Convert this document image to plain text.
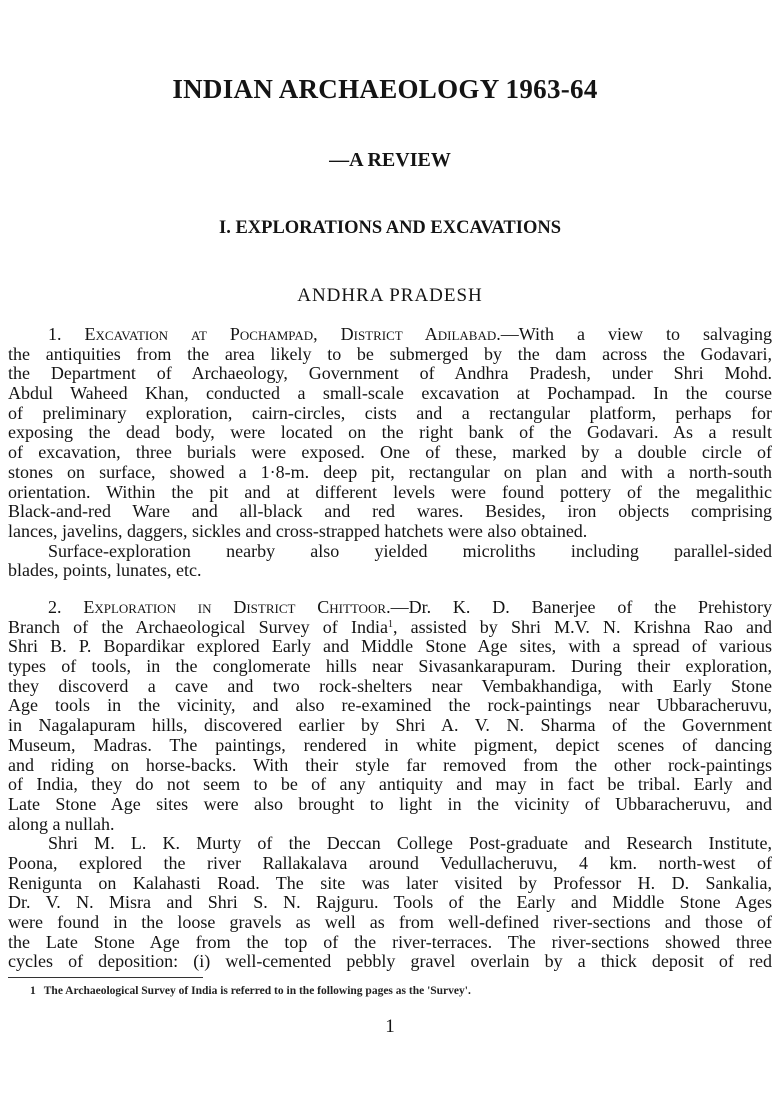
INDIAN ARCHAEOLOGY 1963-64
—A REVIEW
I. EXPLORATIONS AND EXCAVATIONS
ANDHRA PRADESH
1. Excavation at Pochampad, District Adilabad.—With a view to salvaging
the antiquities from the area likely to be submerged by the dam across the Godavari,
the Department of Archaeology, Government of Andhra Pradesh, under Shri Mohd.
Abdul Waheed Khan, conducted a small-scale excavation at Pochampad. In the course
of preliminary exploration, cairn-circles, cists and a rectangular platform, perhaps for
exposing the dead body, were located on the right bank of the Godavari. As a result
of excavation, three burials were exposed. One of these, marked by a double circle of
stones on surface, showed a 1·8-m. deep pit, rectangular on plan and with a north-south
orientation. Within the pit and at different levels were found pottery of the megalithic
Black-and-red Ware and all-black and red wares. Besides, iron objects comprising
lances, javelins, daggers, sickles and cross-strapped hatchets were also obtained.
Surface-exploration nearby also yielded microliths including parallel-sided
blades, points, lunates, etc.
2. Exploration in District Chittoor.—Dr. K. D. Banerjee of the Prehistory
Branch of the Archaeological Survey of India$^1$, assisted by Shri M.V. N. Krishna Rao and
Shri B. P. Bopardikar explored Early and Middle Stone Age sites, with a spread of various
types of tools, in the conglomerate hills near Sivasankarapuram. During their exploration,
they discoverd a cave and two rock-shelters near Vembakhandiga, with Early Stone
Age tools in the vicinity, and also re-examined the rock-paintings near Ubbaracheruvu,
in Nagalapuram hills, discovered earlier by Shri A. V. N. Sharma of the Government
Museum, Madras. The paintings, rendered in white pigment, depict scenes of dancing
and riding on horse-backs. With their style far removed from the other rock-paintings
of India, they do not seem to be of any antiquity and may in fact be tribal. Early and
Late Stone Age sites were also brought to light in the vicinity of Ubbaracheruvu, and
along a nullah.
Shri M. L. K. Murty of the Deccan College Post-graduate and Research Institute,
Poona, explored the river Rallakalava around Vedullacheruvu, 4 km. north-west of
Renigunta on Kalahasti Road. The site was later visited by Professor H. D. Sankalia,
Dr. V. N. Misra and Shri S. N. Rajguru. Tools of the Early and Middle Stone Ages
were found in the loose gravels as well as from well-defined river-sections and those of
the Late Stone Age from the top of the river-terraces. The river-sections showed three
cycles of deposition: (i) well-cemented pebbly gravel overlain by a thick deposit of red
1 The Archaeological Survey of India is referred to in the following pages as the 'Survey'.
1
